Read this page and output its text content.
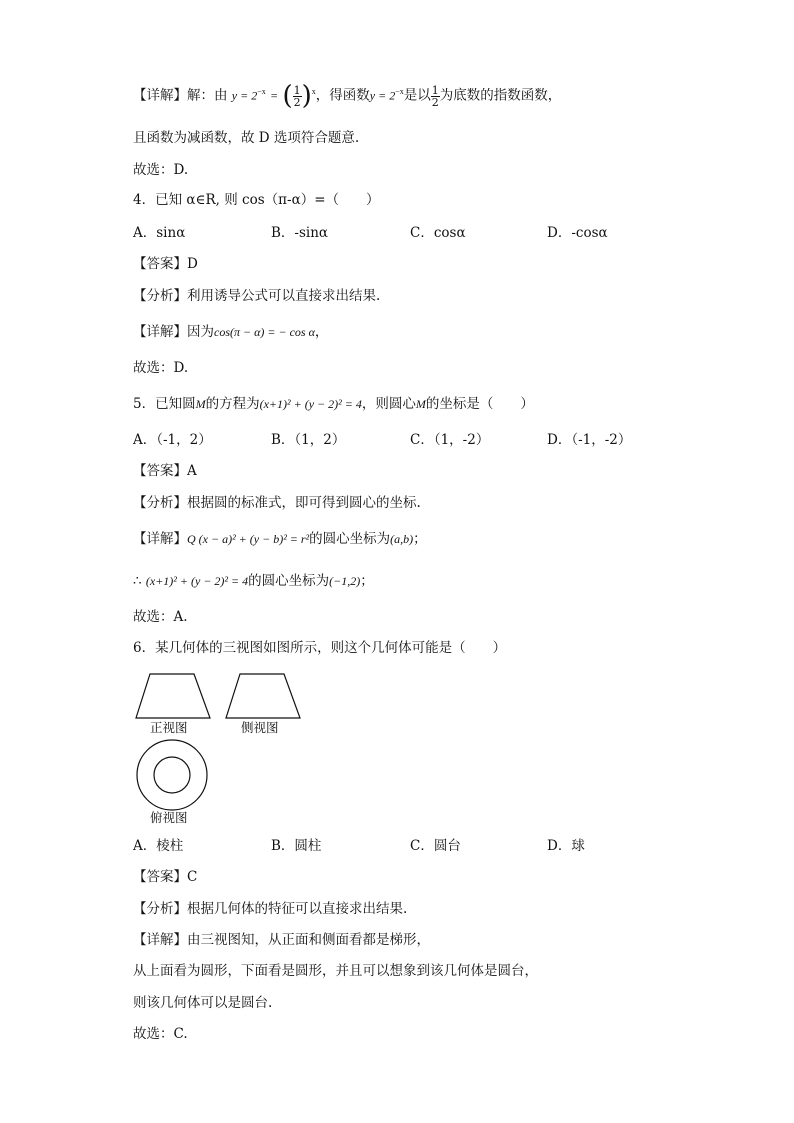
【详解】解：由 $y = 2^{-x}$ = ( $\frac{1}{2} )^x$，得函数$y = 2^{-x}$是以 $\frac{1}{2}$ 为底数的指数函数，
且函数为减函数，故 D 选项符合题意.
故选：D.
4．已知 α∈R, 则 cos（π-α）=（　　）
A．sinα	B．-sinα	C．cosα	D．-cosα
【答案】D
【分析】利用诱导公式可以直接求出结果.
【详解】因为cos(π − α) = − cos α，
故选：D.
5．已知圆M的方程为(x+1)² + (y − 2)² = 4，则圆心M的坐标是（　　）
A．（-1，2）	B．（1，2）	C．（1，-2）	D．（-1，-2）
【答案】A
【分析】根据圆的标准式，即可得到圆心的坐标.
【详解】Q (x − a)² + (y − b)² = r²的圆心坐标为(a,b)；
∴ (x+1)² + (y − 2)² = 4的圆心坐标为(−1,2)；
故选：A.
6．某几何体的三视图如图所示，则这个几何体可能是（　　）
正视图	侧视图
俯视图
A．棱柱	B．圆柱	C．圆台	D．球
【答案】C
【分析】根据几何体的特征可以直接求出结果.
【详解】由三视图知，从正面和侧面看都是梯形，
从上面看为圆形，下面看是圆形，并且可以想象到该几何体是圆台，
则该几何体可以是圆台.
故选：C.
